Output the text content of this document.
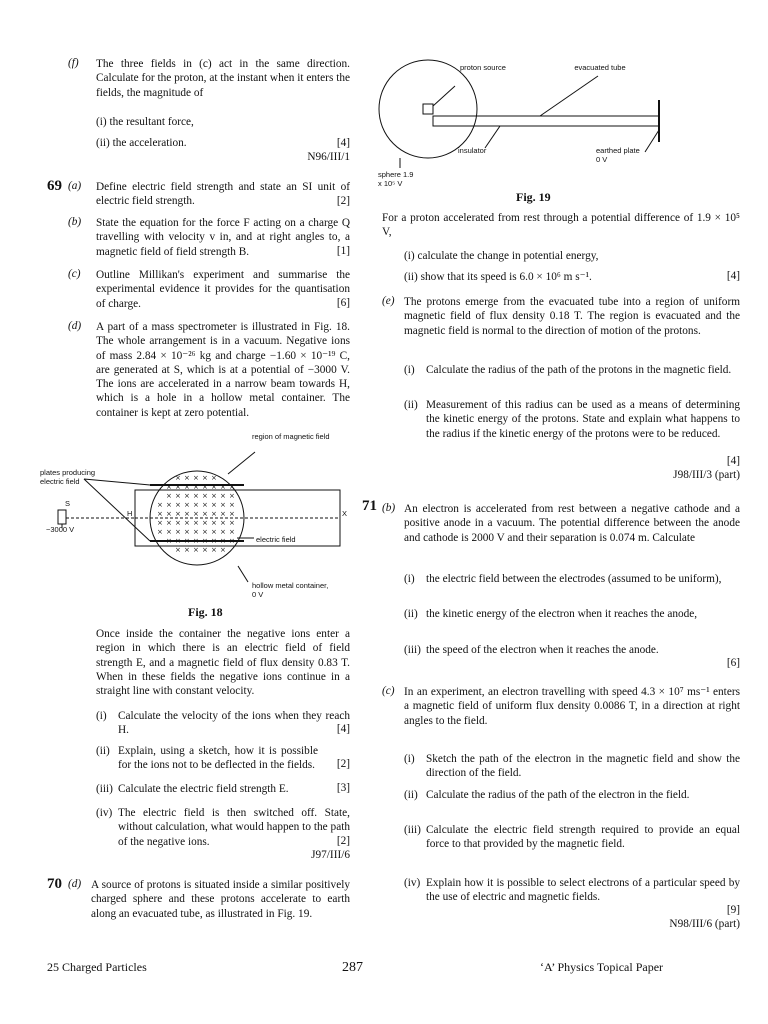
(f) The three fields in (c) act in the same direction. Calculate for the proton, at the instant when it enters the fields, the magnitude of
(i) the resultant force,
(ii) the acceleration.	[4]
N96/III/1
69 (a) Define electric field strength and state an SI unit of electric field strength.	[2]
(b) State the equation for the force F acting on a charge Q travelling with velocity v in, and at right angles to, a magnetic field of field strength B.	[1]
(c) Outline Millikan's experiment and summarise the experimental evidence it provides for the quantisation of charge.	[6]
(d) A part of a mass spectrometer is illustrated in Fig. 18. The whole arrangement is in a vacuum. Negative ions of mass 2.84 × 10⁻²⁶ kg and charge −1.60 × 10⁻¹⁹ C, are generated at S, which is at a potential of −3000 V. The ions are accelerated in a narrow beam towards H, which is a hole in a hollow metal container. The container is kept at zero potential.
region of magnetic field
plates producing electric field
S
H	X
−3000 V
electric field
hollow metal container, 0 V
× × × × ×
× × × × × × × ×
× × × × × × × ×
× × × × × × × × ×
× × × × × × × × ×
× × × × × × × × ×
× × × × × × × × ×
× × × × × × × ×
× × × × × ×
Fig. 18
Once inside the container the negative ions enter a region in which there is an electric field of field strength E, and a magnetic field of flux density 0.83 T. When in these fields the negative ions continue in a straight line with constant velocity.
(i) Calculate the velocity of the ions when they reach H.	[4]
(ii) Explain, using a sketch, how it is possible for the ions not to be deflected in the fields.	[2]
(iii) Calculate the electric field strength E.	[3]
(iv) The electric field is then switched off. State, without calculation, what would happen to the path of the negative ions.	[2]
J97/III/6
70 (d) A source of protons is situated inside a similar positively charged sphere and these protons accelerate to earth along an evacuated tube, as illustrated in Fig. 19.
proton source	evacuated tube
insulator	earthed plate 0 V
sphere 1.9 x 10⁵ V
Fig. 19
For a proton accelerated from rest through a potential difference of 1.9 × 10⁵ V,
(i) calculate the change in potential energy,
(ii) show that its speed is 6.0 × 10⁶ m s⁻¹.	[4]
(e) The protons emerge from the evacuated tube into a region of uniform magnetic field of flux density 0.18 T. The region is evacuated and the magnetic field is normal to the direction of motion of the protons.
(i) Calculate the radius of the path of the protons in the magnetic field.
(ii) Measurement of this radius can be used as a means of determining the kinetic energy of the protons. State and explain what happens to the radius if the kinetic energy of the protons were to be reduced.
[4]
J98/III/3 (part)
71 (b) An electron is accelerated from rest between a negative cathode and a positive anode in a vacuum. The potential difference between the anode and cathode is 2000 V and their separation is 0.074 m. Calculate
(i) the electric field between the electrodes (assumed to be uniform),
(ii) the kinetic energy of the electron when it reaches the anode,
(iii) the speed of the electron when it reaches the anode.
[6]
(c) In an experiment, an electron travelling with speed 4.3 × 10⁷ ms⁻¹ enters a magnetic field of uniform flux density 0.0086 T, in a direction at right angles to the field.
(i) Sketch the path of the electron in the magnetic field and show the direction of the field.
(ii) Calculate the radius of the path of the electron in the field.
(iii) Calculate the electric field strength required to provide an equal force to that provided by the magnetic field.
(iv) Explain how it is possible to select electrons of a particular speed by the use of electric and magnetic fields.
[9]
N98/III/6 (part)
25 Charged Particles	287	‘A’ Physics Topical Paper
